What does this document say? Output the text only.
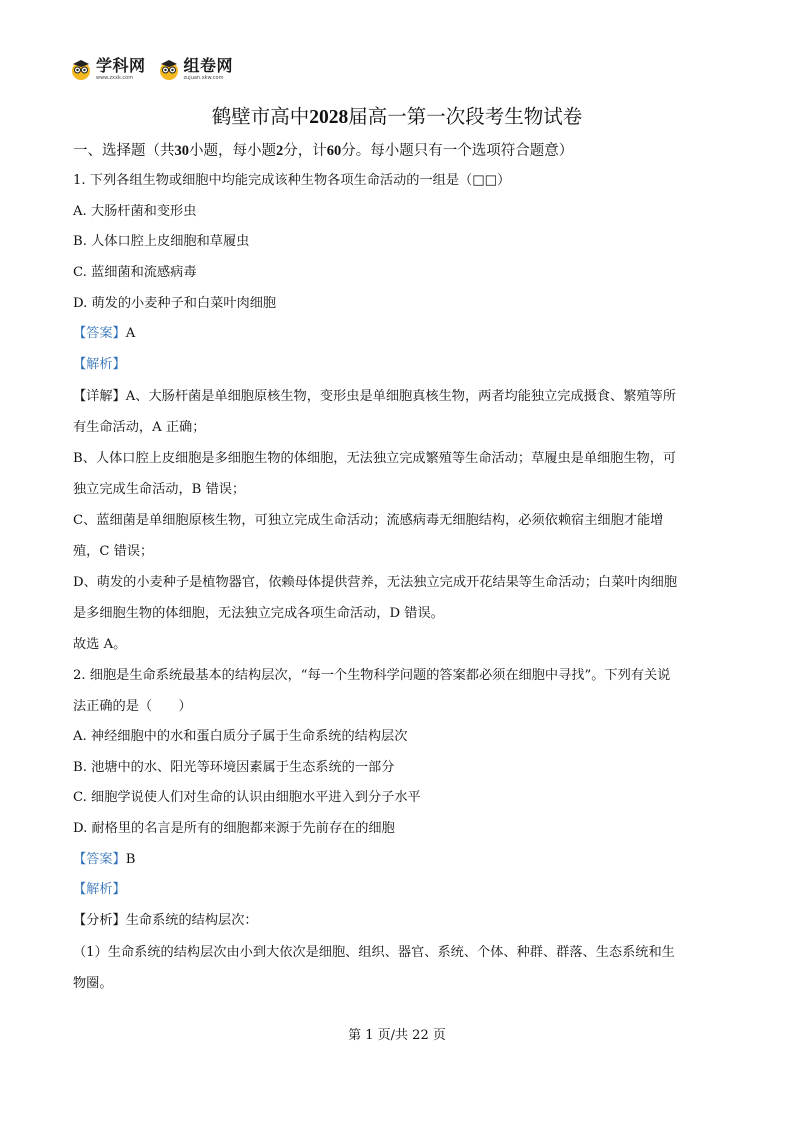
学科网
www.zxxk.com
组卷网
zujuan.xkw.com
鹤壁市高中2028届高一第一次段考生物试卷
一、选择题（共30小题，每小题2分，计60分。每小题只有一个选项符合题意）
1. 下列各组生物或细胞中均能完成该种生物各项生命活动的一组是（□□）
A. 大肠杆菌和变形虫
B. 人体口腔上皮细胞和草履虫
C. 蓝细菌和流感病毒
D. 萌发的小麦种子和白菜叶肉细胞
【答案】A
【解析】
【详解】A、大肠杆菌是单细胞原核生物，变形虫是单细胞真核生物，两者均能独立完成摄食、繁殖等所
有生命活动，A 正确；
B、人体口腔上皮细胞是多细胞生物的体细胞，无法独立完成繁殖等生命活动；草履虫是单细胞生物，可
独立完成生命活动，B 错误；
C、蓝细菌是单细胞原核生物，可独立完成生命活动；流感病毒无细胞结构，必须依赖宿主细胞才能增
殖，C 错误；
D、萌发的小麦种子是植物器官，依赖母体提供营养，无法独立完成开花结果等生命活动；白菜叶肉细胞
是多细胞生物的体细胞，无法独立完成各项生命活动，D 错误。
故选 A。
2. 细胞是生命系统最基本的结构层次，“每一个生物科学问题的答案都必须在细胞中寻找”。下列有关说
法正确的是（　　）
A. 神经细胞中的水和蛋白质分子属于生命系统的结构层次
B. 池塘中的水、阳光等环境因素属于生态系统的一部分
C. 细胞学说使人们对生命的认识由细胞水平进入到分子水平
D. 耐格里的名言是所有的细胞都来源于先前存在的细胞
【答案】B
【解析】
【分析】生命系统的结构层次：
（1）生命系统的结构层次由小到大依次是细胞、组织、器官、系统、个体、种群、群落、生态系统和生
物圈。
第 1 页/共 22 页
